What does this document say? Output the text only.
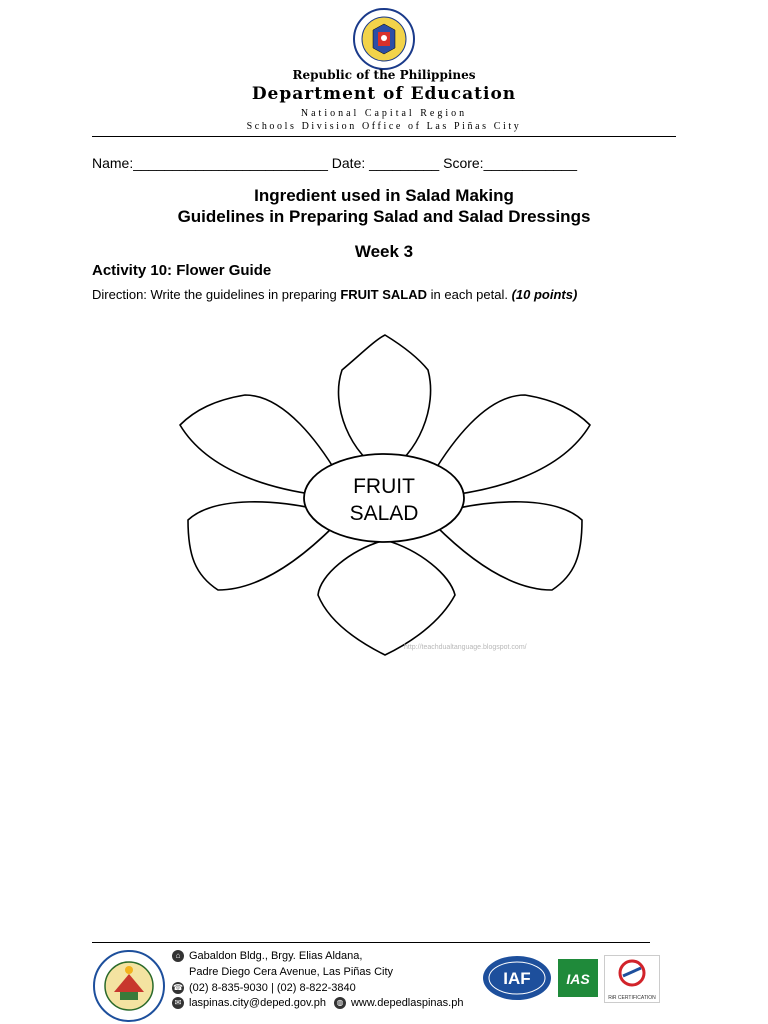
Republic of the Philippines
Department of Education
National Capital Region
Schools Division Office of Las Piñas City
Name:_________________________ Date: _________ Score:____________
Ingredient used in Salad Making
Guidelines in Preparing Salad and Salad Dressings
Week 3
Activity 10: Flower Guide
Direction: Write the guidelines in preparing FRUIT SALAD in each petal. (10 points)
FRUIT
SALAD
http://teachdualtanguage.blogspot.com/
⌂ Gabaldon Bldg., Brgy. Elias Aldana,
Padre Diego Cera Avenue, Las Piñas City
☎ (02) 8-835-9030 | (02) 8-822-3840
✉ laspinas.city@deped.gov.ph	◍ www.depedlaspinas.ph
IAF	IAS
RiR CERTIFICATION
